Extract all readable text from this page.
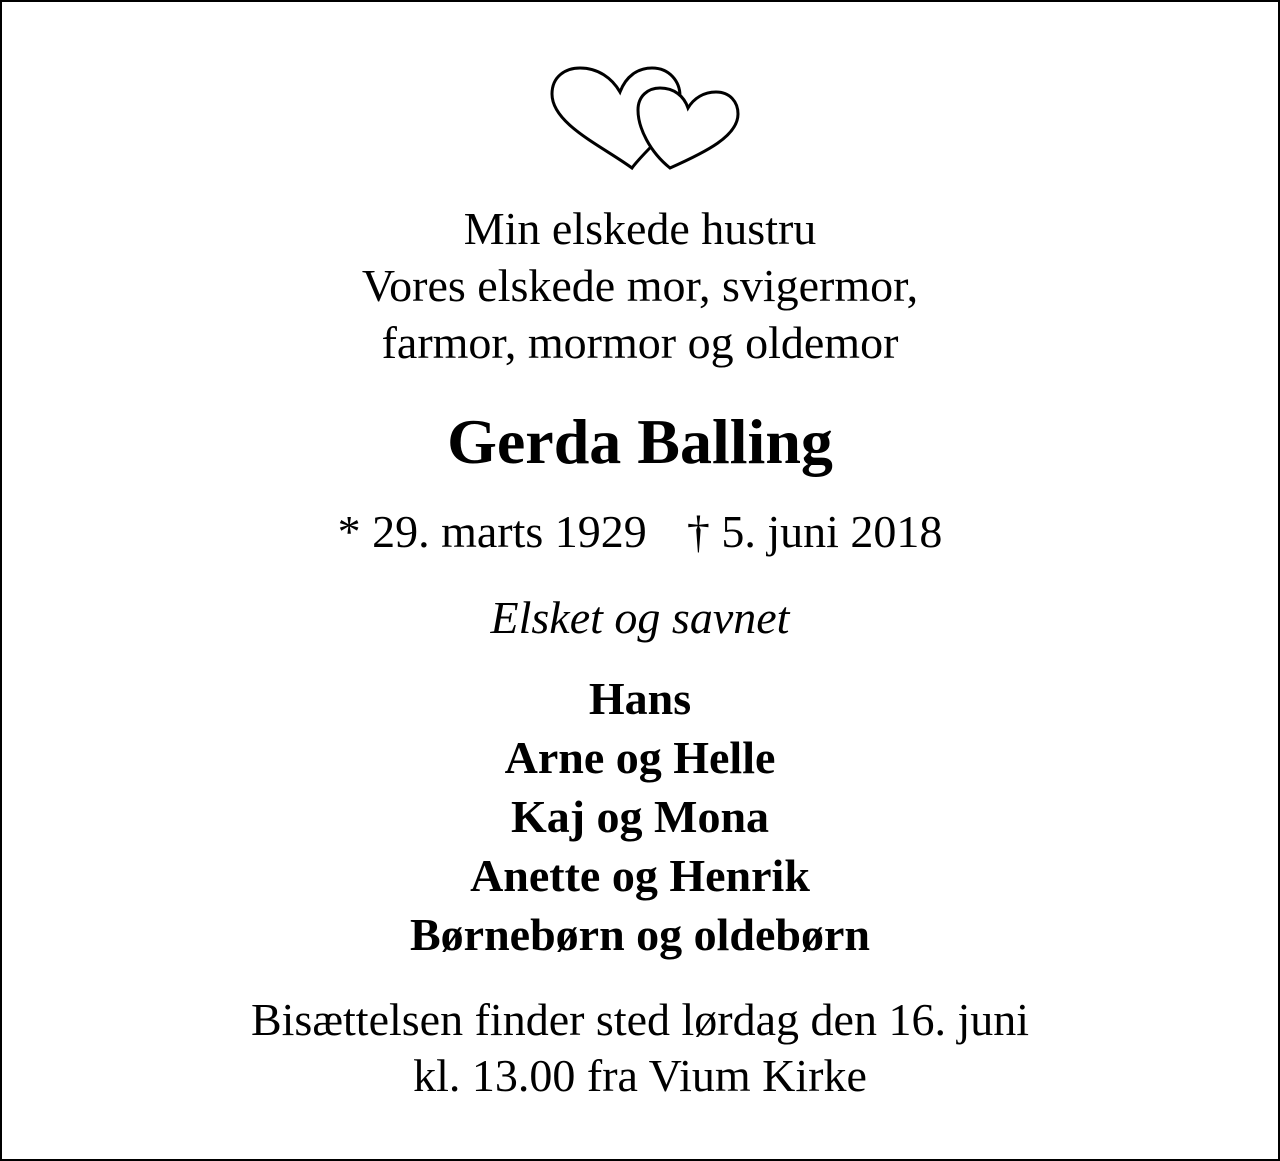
Min elskede hustru
Vores elskede mor, svigermor,
farmor, mormor og oldemor
Gerda Balling
* 29. marts 1929 † 5. juni 2018
Elsket og savnet
Hans
Arne og Helle
Kaj og Mona
Anette og Henrik
Børnebørn og oldebørn
Bisættelsen finder sted lørdag den 16. juni
kl. 13.00 fra Vium Kirke
